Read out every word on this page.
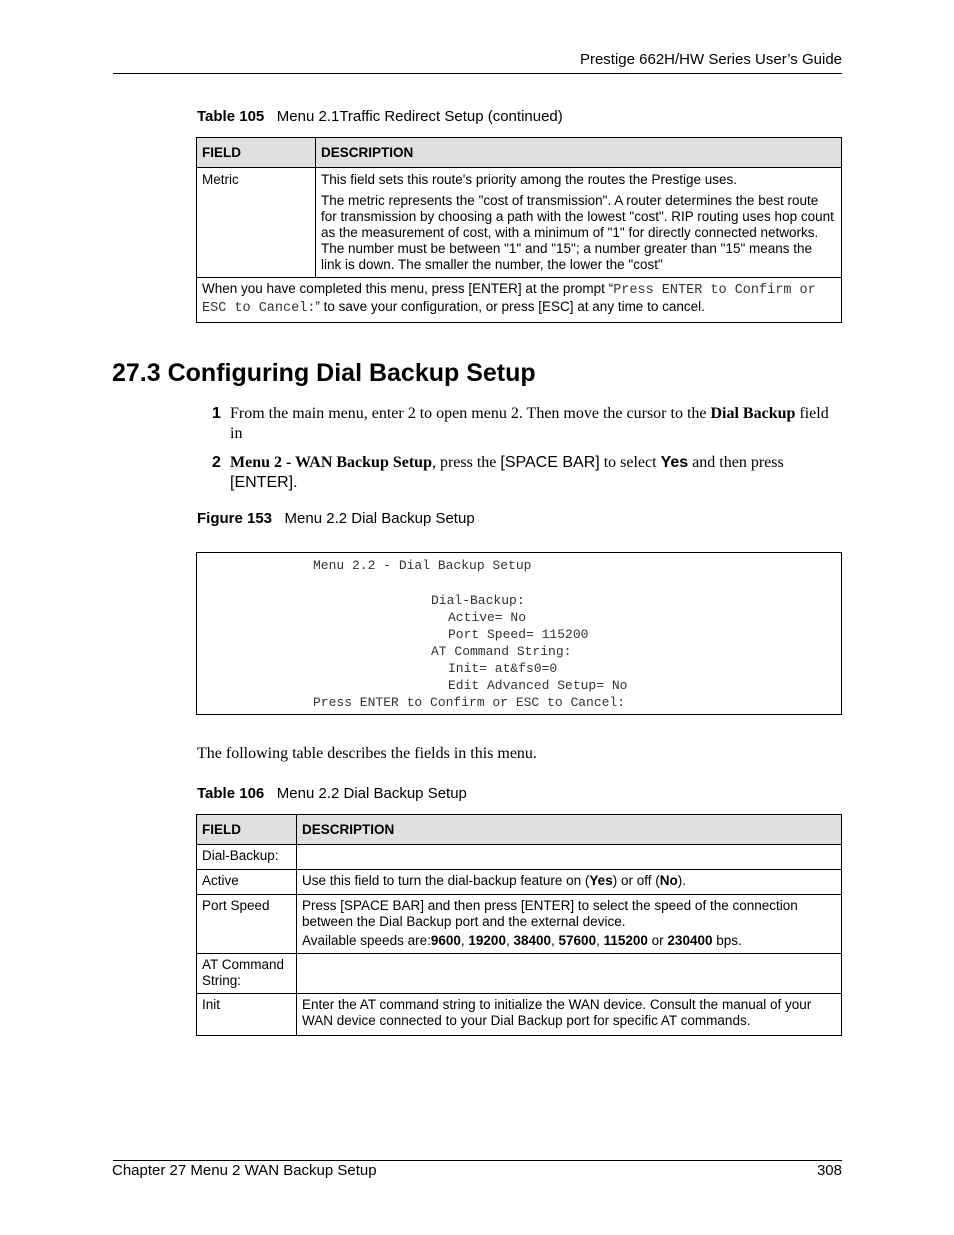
Prestige 662H/HW Series User’s Guide
Table 105 Menu 2.1Traffic Redirect Setup (continued)
FIELD	DESCRIPTION
Metric	This field sets this route's priority among the routes the Prestige uses.
The metric represents the "cost of transmission". A router determines the best route for transmission by choosing a path with the lowest "cost". RIP routing uses hop count as the measurement of cost, with a minimum of "1" for directly connected networks. The number must be between "1" and "15"; a number greater than "15" means the link is down. The smaller the number, the lower the "cost"

When you have completed this menu, press [ENTER] at the prompt “Press ENTER to Confirm or ESC to Cancel:” to save your configuration, or press [ESC] at any time to cancel.	
27.3 Configuring Dial Backup Setup
1 From the main menu, enter 2 to open menu 2. Then move the cursor to the Dial Backup field in
2 Menu 2 - WAN Backup Setup, press the [SPACE BAR] to select Yes and then press [ENTER].
Figure 153 Menu 2.2 Dial Backup Setup
Menu 2.2 - Dial Backup Setup
Dial-Backup:
Active= No
Port Speed= 115200
AT Command String:
Init= at&fs0=0
Edit Advanced Setup= No
Press ENTER to Confirm or ESC to Cancel:
The following table describes the fields in this menu.
Table 106 Menu 2.2 Dial Backup Setup
FIELD	DESCRIPTION
Dial-Backup:	
Active	Use this field to turn the dial-backup feature on (Yes) or off (No).
Port Speed	Press [SPACE BAR] and then press [ENTER] to select the speed of the connection between the Dial Backup port and the external device.
Available speeds are:9600, 19200, 38400, 57600, 115200 or 230400 bps.

AT Command String:	
Init	Enter the AT command string to initialize the WAN device. Consult the manual of your WAN device connected to your Dial Backup port for specific AT commands.
Chapter 27 Menu 2 WAN Backup Setup	308
